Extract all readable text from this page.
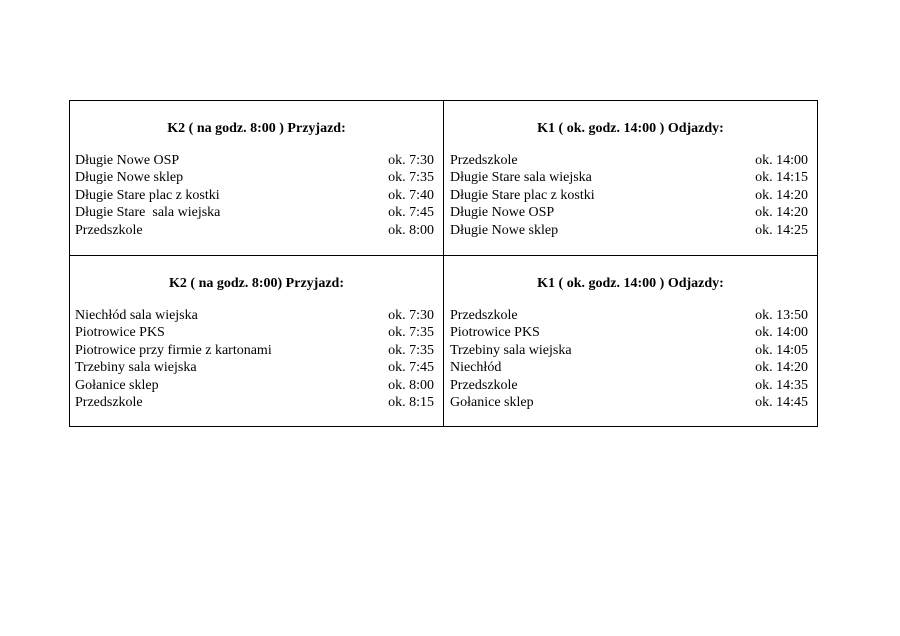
K2 ( na godz. 8:00 ) Przyjazd:
Długie Nowe OSP	ok. 7:30
Długie Nowe sklep	ok. 7:35
Długie Stare plac z kostki	ok. 7:40
Długie Stare  sala wiejska	ok. 7:45
Przedszkole	ok. 8:00
K1 ( ok. godz. 14:00 ) Odjazdy:
Przedszkole	ok. 14:00
Długie Stare sala wiejska	ok. 14:15
Długie Stare plac z kostki	ok. 14:20
Długie Nowe OSP	ok. 14:20
Długie Nowe sklep	ok. 14:25
K2 ( na godz. 8:00) Przyjazd:
Niechłód sala wiejska	ok. 7:30
Piotrowice PKS	ok. 7:35
Piotrowice przy firmie z kartonami	ok. 7:35
Trzebiny sala wiejska	ok. 7:45
Gołanice sklep	ok. 8:00
Przedszkole	ok. 8:15
K1 ( ok. godz. 14:00 ) Odjazdy:
Przedszkole	ok. 13:50
Piotrowice PKS	ok. 14:00
Trzebiny sala wiejska	ok. 14:05
Niechłód	ok. 14:20
Przedszkole	ok. 14:35
Gołanice sklep	ok. 14:45
